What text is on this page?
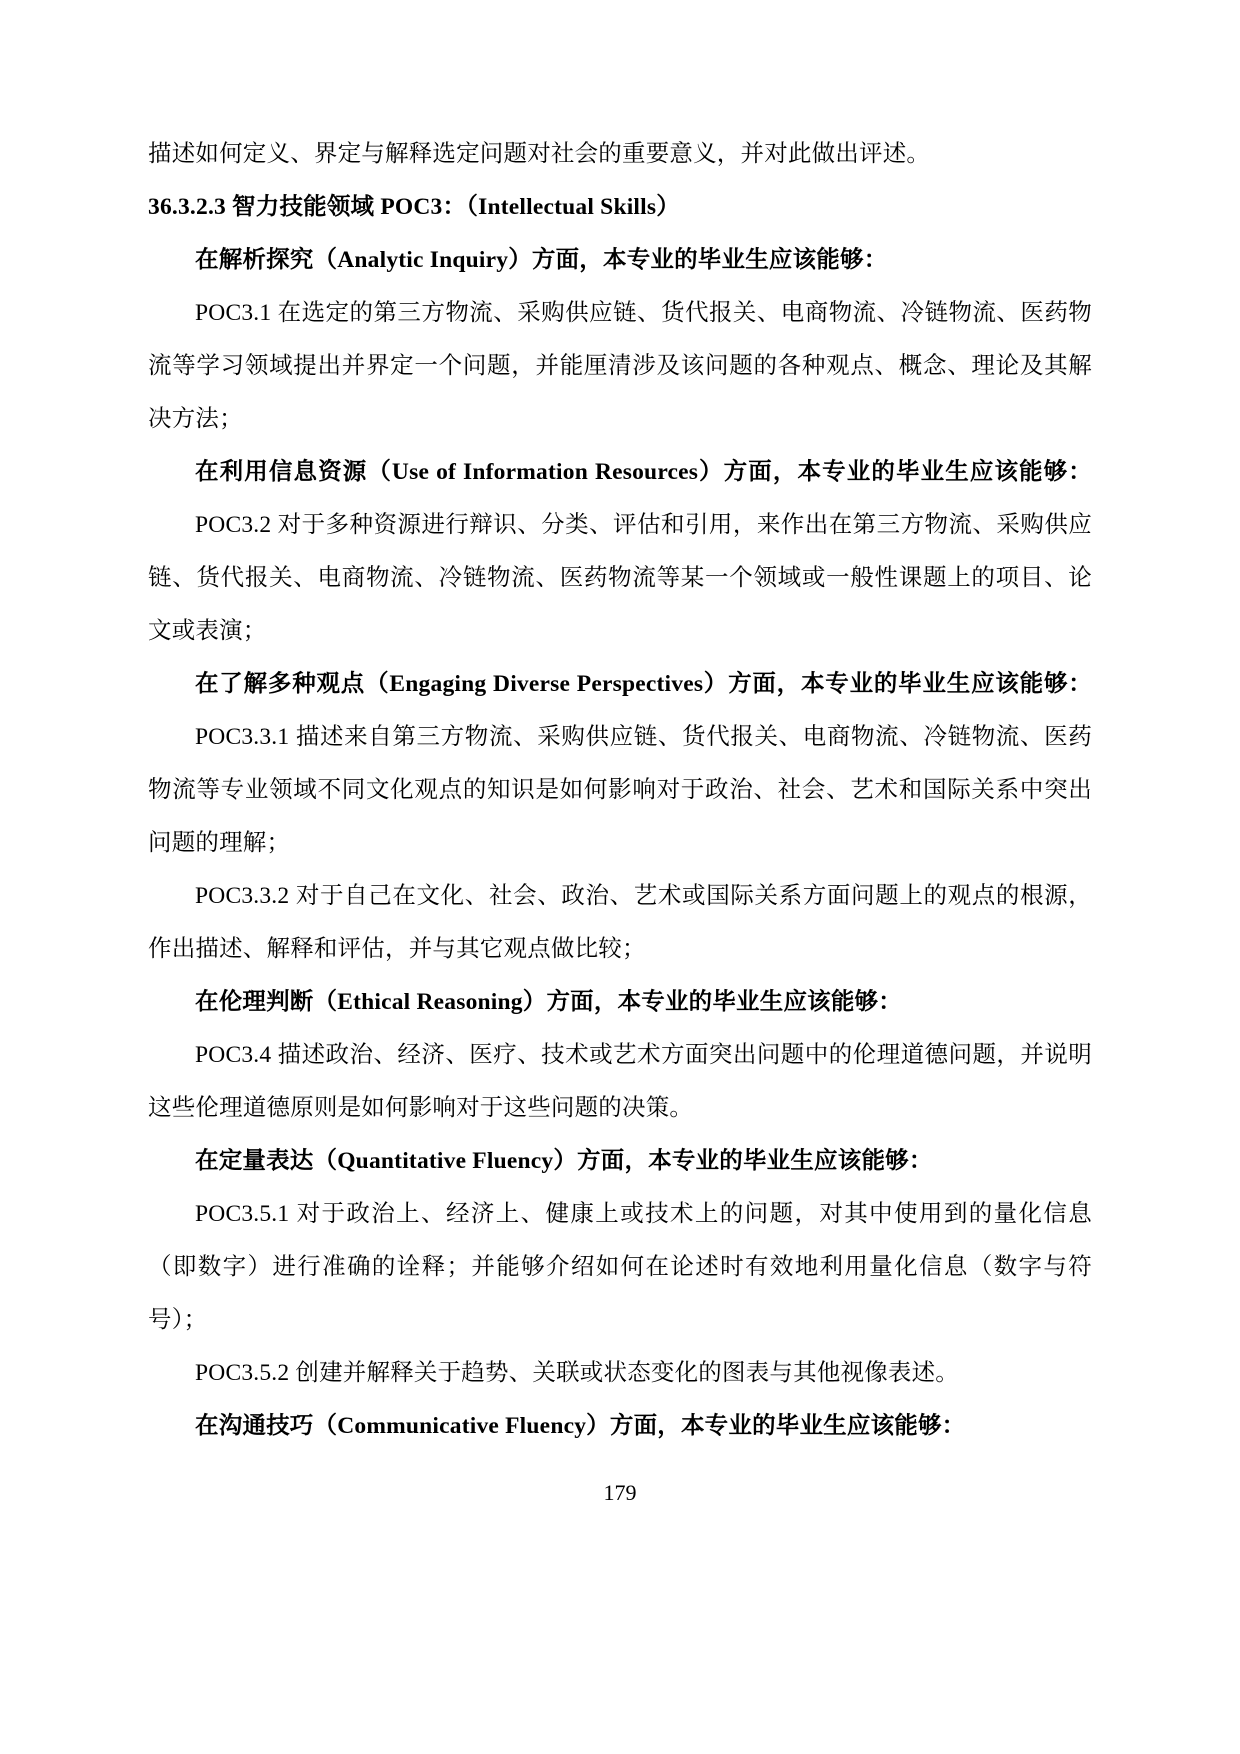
描述如何定义、界定与解释选定问题对社会的重要意义，并对此做出评述。

36.3.2.3 智力技能领域 POC3：（Intellectual Skills）

在解析探究（Analytic Inquiry）方面，本专业的毕业生应该能够：

POC3.1 在选定的第三方物流、采购供应链、货代报关、电商物流、冷链物流、医药物流等学习领域提出并界定一个问题，并能厘清涉及该问题的各种观点、概念、理论及其解决方法；

在利用信息资源（Use of Information Resources）方面，本专业的毕业生应该能够：

POC3.2 对于多种资源进行辩识、分类、评估和引用，来作出在第三方物流、采购供应链、货代报关、电商物流、冷链物流、医药物流等某一个领域或一般性课题上的项目、论文或表演；

在了解多种观点（Engaging Diverse Perspectives）方面，本专业的毕业生应该能够：

POC3.3.1 描述来自第三方物流、采购供应链、货代报关、电商物流、冷链物流、医药物流等专业领域不同文化观点的知识是如何影响对于政治、社会、艺术和国际关系中突出问题的理解；

POC3.3.2 对于自己在文化、社会、政治、艺术或国际关系方面问题上的观点的根源，作出描述、解释和评估，并与其它观点做比较；

在伦理判断（Ethical Reasoning）方面，本专业的毕业生应该能够：

POC3.4 描述政治、经济、医疗、技术或艺术方面突出问题中的伦理道德问题，并说明这些伦理道德原则是如何影响对于这些问题的决策。

在定量表达（Quantitative Fluency）方面，本专业的毕业生应该能够：

POC3.5.1 对于政治上、经济上、健康上或技术上的问题，对其中使用到的量化信息（即数字）进行准确的诠释；并能够介绍如何在论述时有效地利用量化信息（数字与符号）；

POC3.5.2 创建并解释关于趋势、关联或状态变化的图表与其他视像表述。

在沟通技巧（Communicative Fluency）方面，本专业的毕业生应该能够：

179
